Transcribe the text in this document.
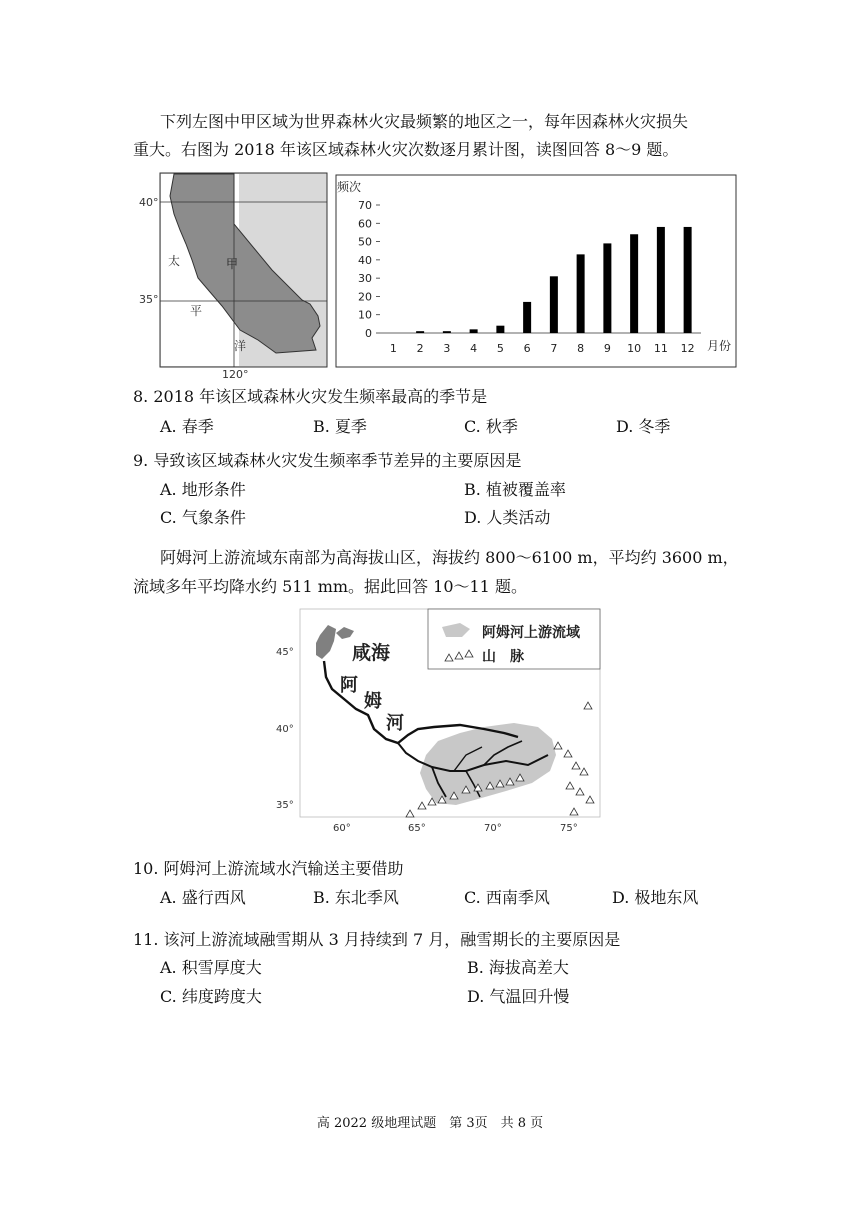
下列左图中甲区域为世界森林火灾最频繁的地区之一，每年因森林火灾损失
重大。右图为 2018 年该区域森林火灾次数逐月累计图，读图回答 8～9 题。
40°
35°
120°
太
平
洋
甲
频次
月份
0
10
20
30
40
50
60
70
1 2 3 4 5 6 7 8 9 10 11 12
8. 2018 年该区域森林火灾发生频率最高的季节是
A. 春季	B. 夏季	C. 秋季	D. 冬季
9. 导致该区域森林火灾发生频率季节差异的主要原因是
A. 地形条件	B. 植被覆盖率
C. 气象条件	D. 人类活动
阿姆河上游流域东南部为高海拔山区，海拔约 800～6100 m，平均约 3600 m，
流域多年平均降水约 511 mm。据此回答 10～11 题。
阿姆河上游流域
山　脉
咸海
阿
姆
河
45°
40°
35°
60°	65°	70°	75°
10. 阿姆河上游流域水汽输送主要借助
A. 盛行西风	B. 东北季风	C. 西南季风	D. 极地东风
11. 该河上游流域融雪期从 3 月持续到 7 月，融雪期长的主要原因是
A. 积雪厚度大	B. 海拔高差大
C. 纬度跨度大	D. 气温回升慢
高 2022 级地理试题　第 3页　共 8 页
